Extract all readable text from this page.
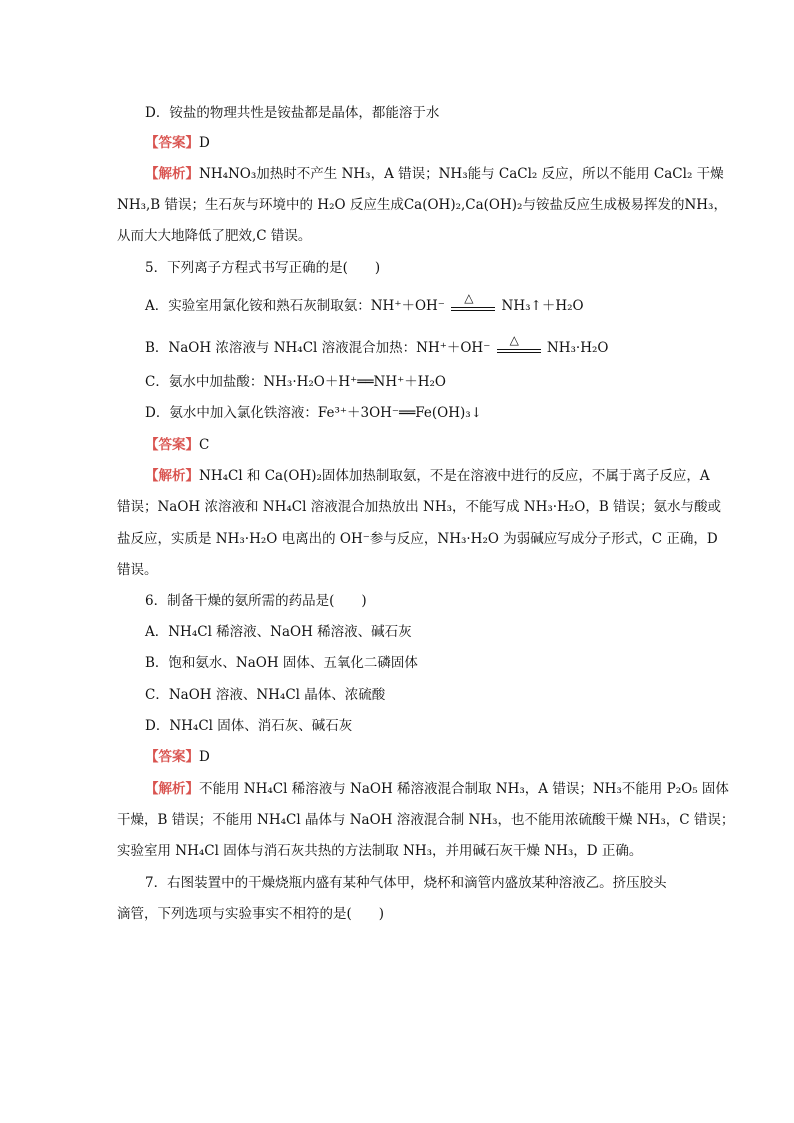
D．铵盐的物理共性是铵盐都是晶体，都能溶于水
【答案】D
【解析】NH₄NO₃加热时不产生 NH₃，A 错误；NH₃能与 CaCl₂ 反应，所以不能用 CaCl₂ 干燥
NH₃,B 错误；生石灰与环境中的 H₂O 反应生成Ca(OH)₂,Ca(OH)₂与铵盐反应生成极易挥发的NH₃，
从而大大地降低了肥效,C 错误。
5．下列离子方程式书写正确的是(　　)
A．实验室用氯化铵和熟石灰制取氨：NH⁺＋OH⁻
△
NH₃↑＋H₂O
B．NaOH 浓溶液与 NH₄Cl 溶液混合加热：NH⁺＋OH⁻
△
NH₃·H₂O
C．氨水中加盐酸：NH₃·H₂O＋H⁺══NH⁺＋H₂O
D．氨水中加入氯化铁溶液：Fe³⁺＋3OH⁻══Fe(OH)₃↓
【答案】C
【解析】NH₄Cl 和 Ca(OH)₂固体加热制取氨，不是在溶液中进行的反应，不属于离子反应，A
错误；NaOH 浓溶液和 NH₄Cl 溶液混合加热放出 NH₃，不能写成 NH₃·H₂O，B 错误；氨水与酸或
盐反应，实质是 NH₃·H₂O 电离出的 OH⁻参与反应，NH₃·H₂O 为弱碱应写成分子形式，C 正确，D
错误。
6．制备干燥的氨所需的药品是(　　)
A．NH₄Cl 稀溶液、NaOH 稀溶液、碱石灰
B．饱和氨水、NaOH 固体、五氧化二磷固体
C．NaOH 溶液、NH₄Cl 晶体、浓硫酸
D．NH₄Cl 固体、消石灰、碱石灰
【答案】D
【解析】不能用 NH₄Cl 稀溶液与 NaOH 稀溶液混合制取 NH₃，A 错误；NH₃不能用 P₂O₅ 固体
干燥，B 错误；不能用 NH₄Cl 晶体与 NaOH 溶液混合制 NH₃，也不能用浓硫酸干燥 NH₃，C 错误；
实验室用 NH₄Cl 固体与消石灰共热的方法制取 NH₃，并用碱石灰干燥 NH₃，D 正确。
7．右图装置中的干燥烧瓶内盛有某种气体甲，烧杯和滴管内盛放某种溶液乙。挤压胶头
滴管，下列选项与实验事实不相符的是(　　)
